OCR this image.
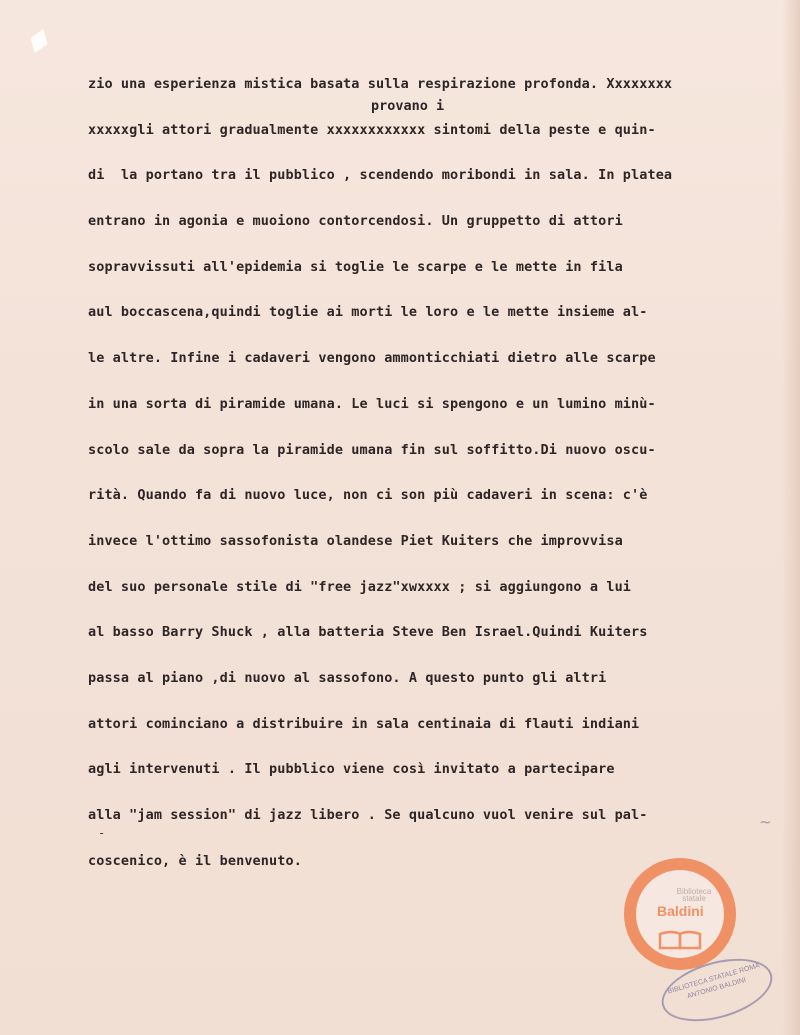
provano i
zio una esperienza mistica basata sulla respirazione profonda. Xxxxxxxx
xxxxxgli attori gradualmente xxxxxxxxxxxx sintomi della peste e quin-
di  la portano tra il pubblico , scendendo moribondi in sala. In platea
entrano in agonia e muoiono contorcendosi. Un gruppetto di attori
sopravvissuti all'epidemia si toglie le scarpe e le mette in fila
aul boccascena,quindi toglie ai morti le loro e le mette insieme al-
le altre. Infine i cadaveri vengono ammonticchiati dietro alle scarpe
in una sorta di piramide umana. Le luci si spengono e un lumino minù-
scolo sale da sopra la piramide umana fin sul soffitto.Di nuovo oscu-
rità. Quando fa di nuovo luce, non ci son più cadaveri in scena: c'è
invece l'ottimo sassofonista olandese Piet Kuiters che improvvisa
del suo personale stile di "free jazz"xwxxxx ; si aggiungono a lui
al basso Barry Shuck , alla batteria Steve Ben Israel.Quindi Kuiters
passa al piano ,di nuovo al sassofono. A questo punto gli altri
attori cominciano a distribuire in sala centinaia di flauti indiani
agli intervenuti . Il pubblico viene così invitato a partecipare
alla "jam session" di jazz libero . Se qualcuno vuol venire sul pal-
coscenico, è il benvenuto.
-	~
Biblioteca statale
Baldini
BIBLIOTECA STATALE ROMA ANTONIO BALDINI
